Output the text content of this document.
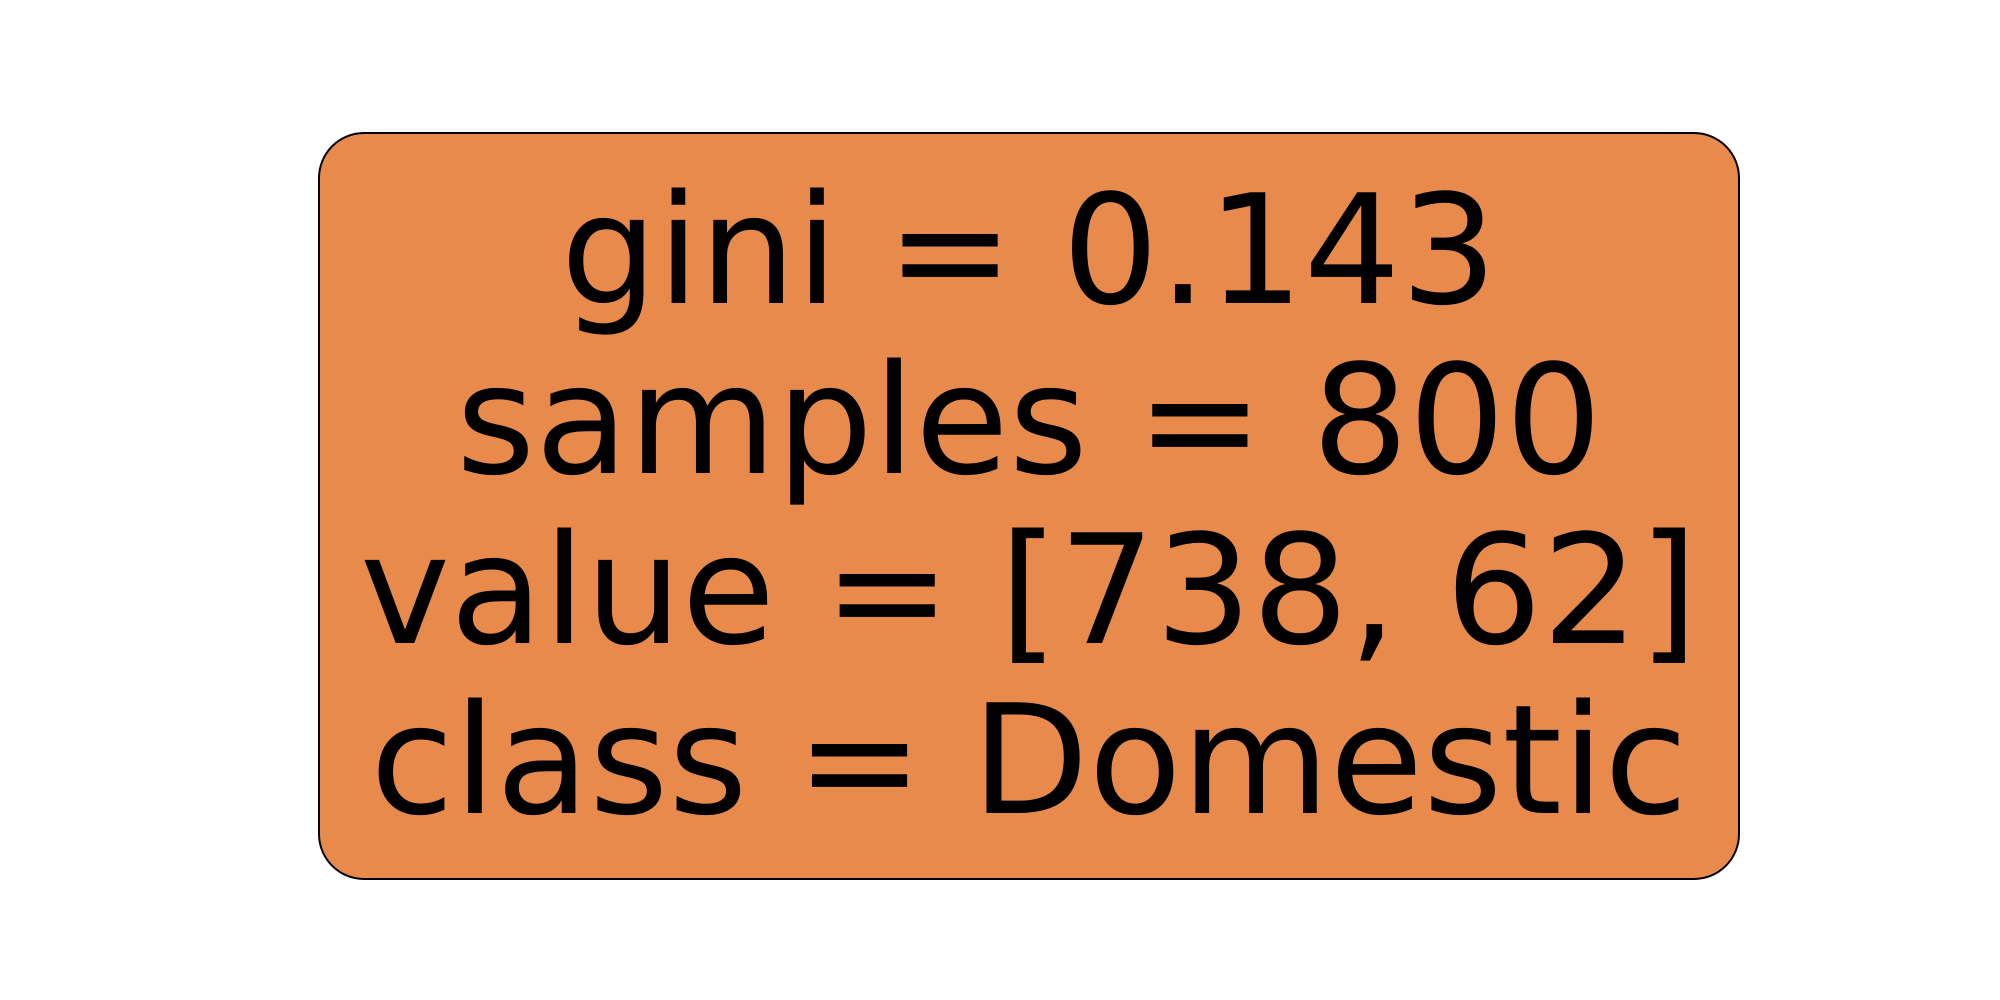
gini = 0.143
samples = 800
value = [738, 62]
class = Domestic
